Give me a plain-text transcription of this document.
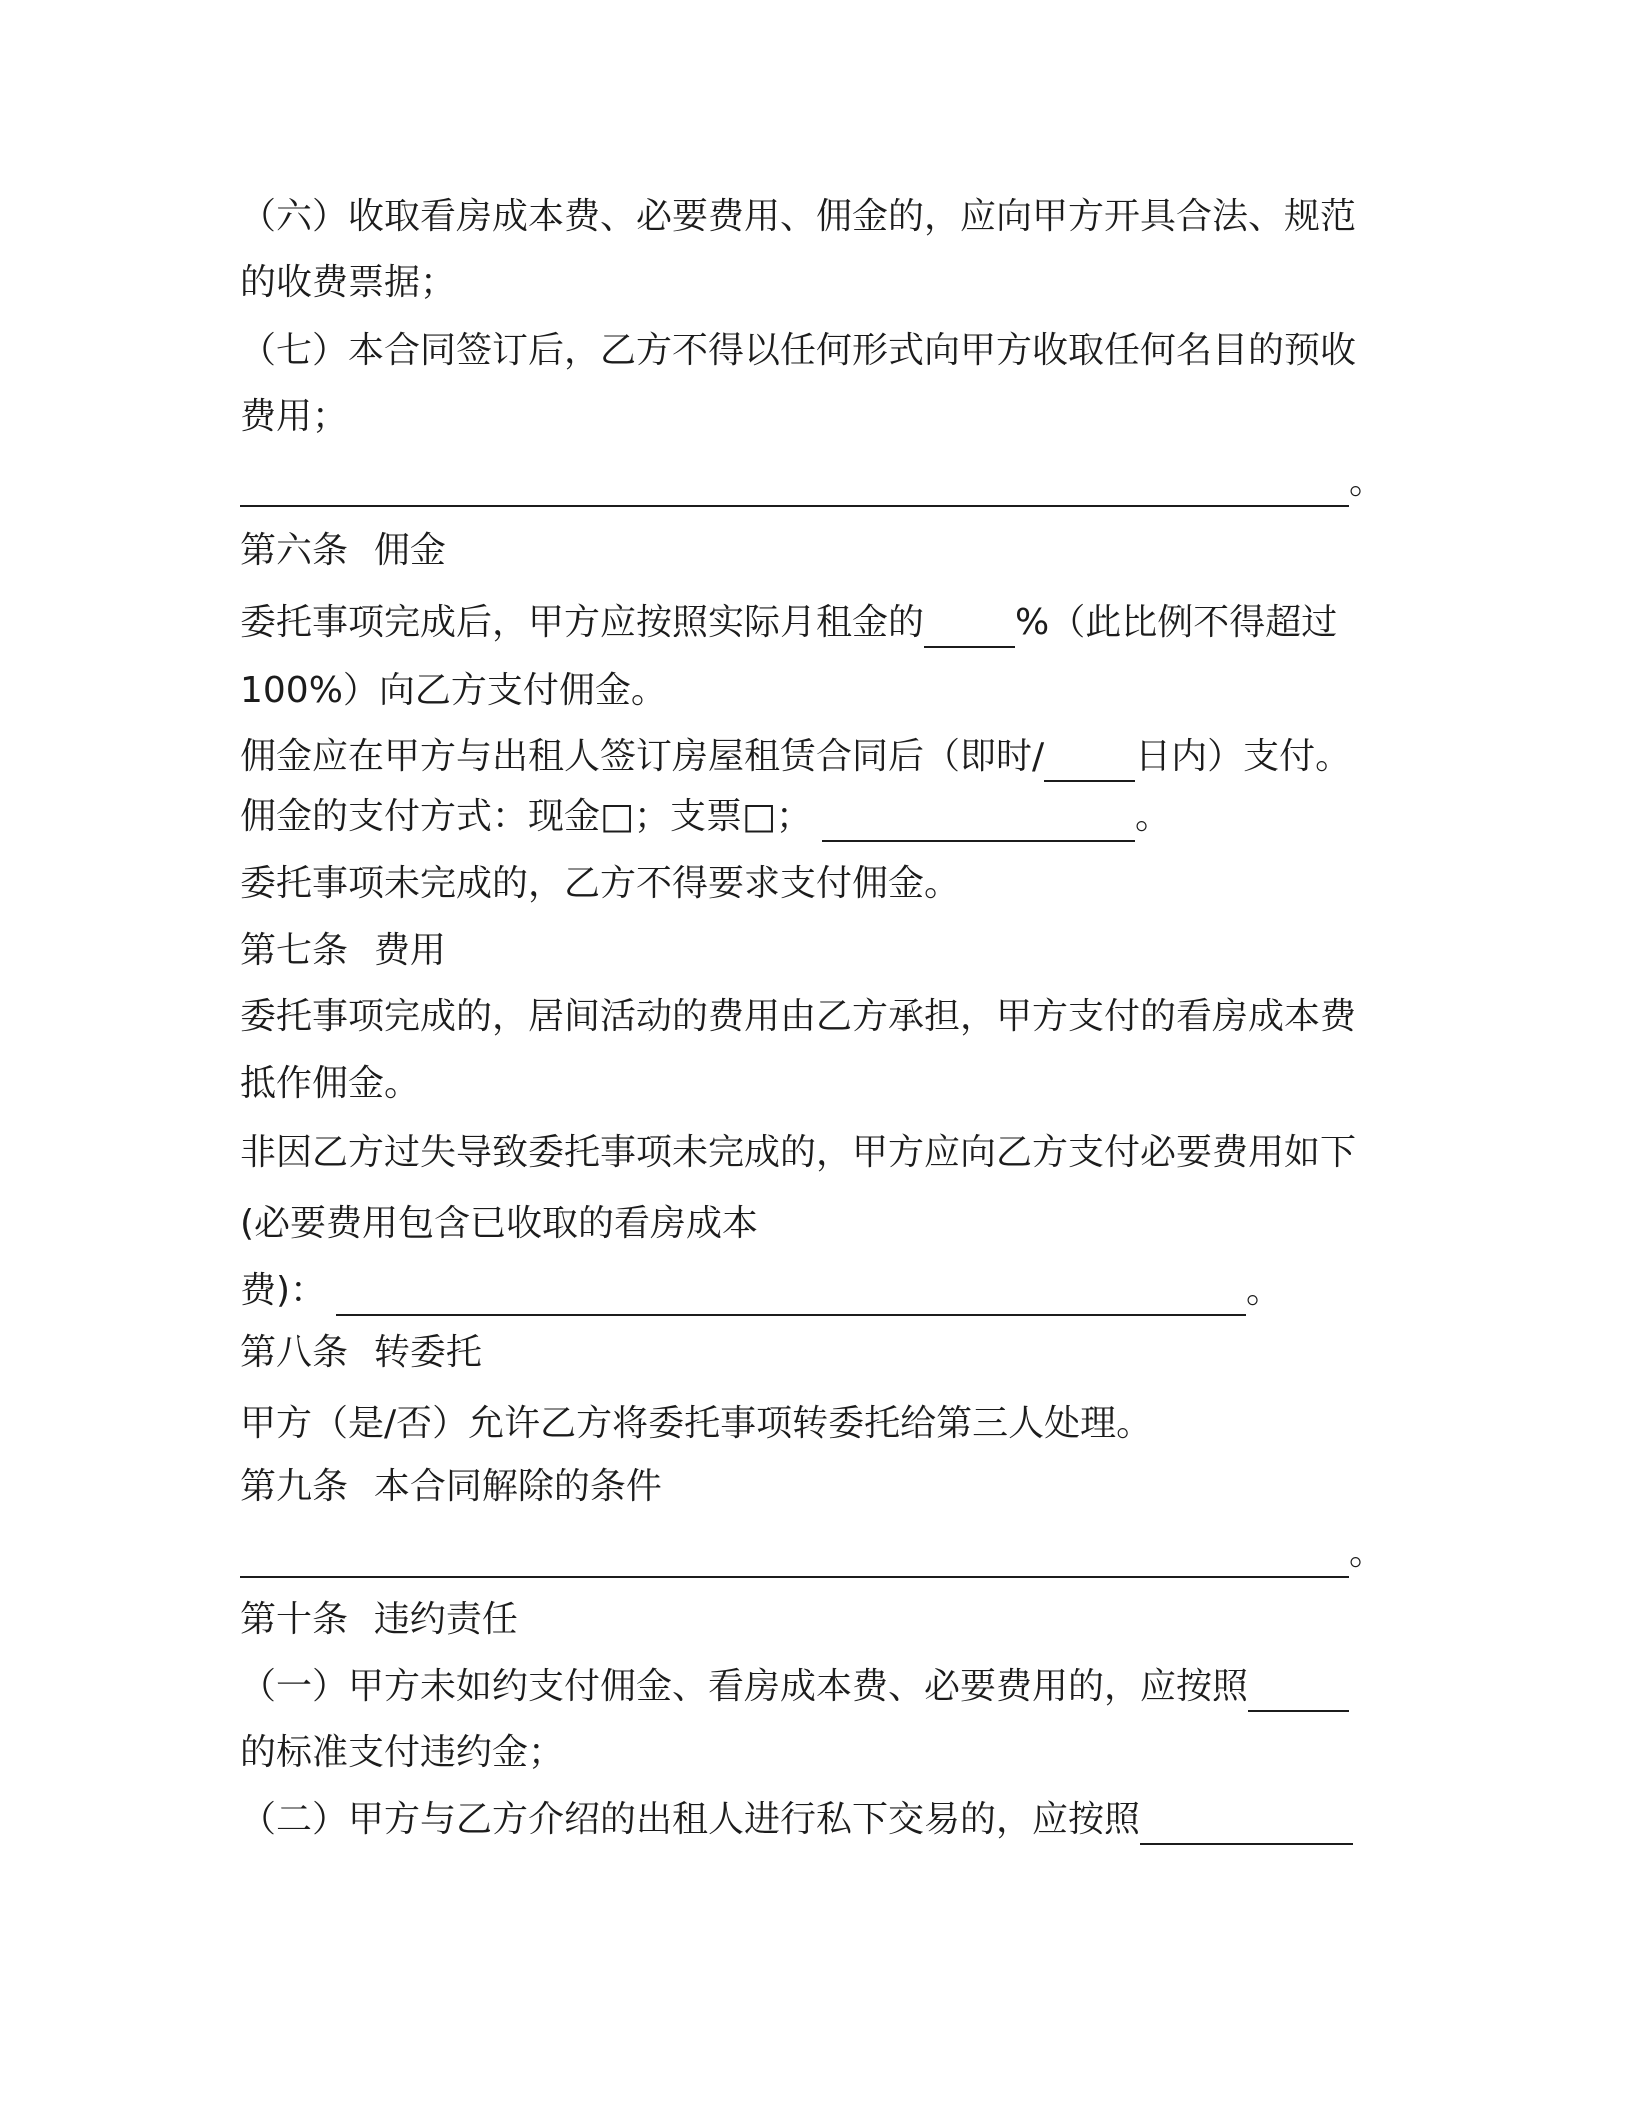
（六）收取看房成本费、必要费用、佣金的，应向甲方开具合法、规范
的收费票据；
（七）本合同签订后，乙方不得以任何形式向甲方收取任何名目的预收
费用；
。
第六条 佣金
委托事项完成后，甲方应按照实际月租金的	%（此比例不得超过
100%）向乙方支付佣金。
佣金应在甲方与出租人签订房屋租赁合同后（即时/	日内）支付。
佣金的支付方式：现金□；支票□；	。
委托事项未完成的，乙方不得要求支付佣金。
第七条 费用
委托事项完成的，居间活动的费用由乙方承担，甲方支付的看房成本费
抵作佣金。
非因乙方过失导致委托事项未完成的，甲方应向乙方支付必要费用如下
(必要费用包含已收取的看房成本
费)：	。
第八条 转委托
甲方（是/否）允许乙方将委托事项转委托给第三人处理。
第九条 本合同解除的条件
。
第十条 违约责任
（一）甲方未如约支付佣金、看房成本费、必要费用的，应按照
的标准支付违约金；
（二）甲方与乙方介绍的出租人进行私下交易的，应按照
